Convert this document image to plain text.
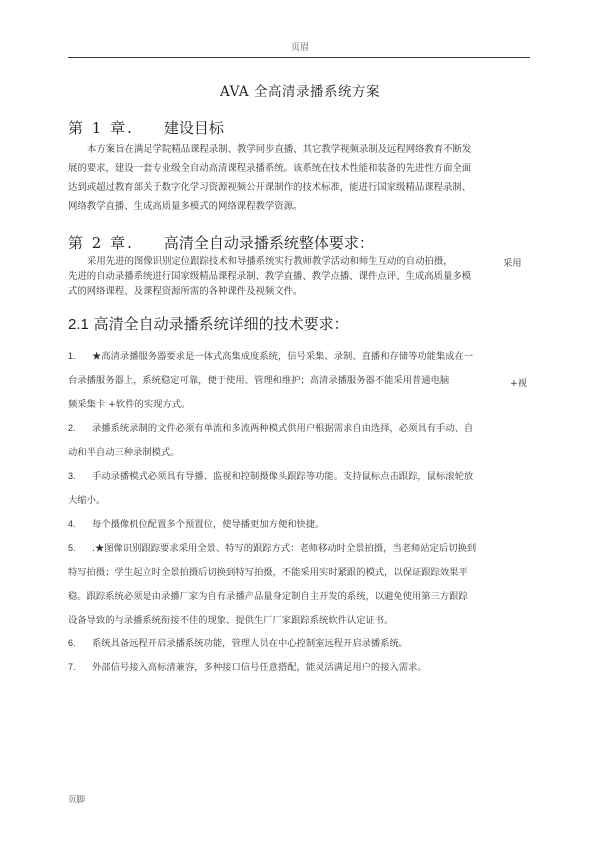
页眉
AVA 全高清录播系统方案
第 1 章. 建设目标
本方案旨在满足学院精品课程录制、教学同步直播、其它教学视频录制及远程网络教育不断发
展的要求，建设一套专业级全自动高清课程录播系统。该系统在技术性能和装备的先进性方面全面
达到或超过教育部关于数字化学习资源视频公开课制作的技术标准，能进行国家级精品课程录制、
网络教学直播、生成高质量多模式的网络课程教学资源。
第 2 章. 高清全自动录播系统整体要求：
采用先进的图像识别定位跟踪技术和导播系统实行教师教学活动和师生互动的自动拍摄，
先进的自动录播系统进行国家级精品课程录制、教学直播、教学点播、课件点评、生成高质量多模
式的网络课程、及课程资源所需的各种课件及视频文件。
采用
2.1 高清全自动录播系统详细的技术要求：
1. ★高清录播服务器要求是一体式高集成度系统，信号采集、录制、直播和存储等功能集成在一
台录播服务器上，系统稳定可靠，便于使用、管理和维护；高清录播服务器不能采用普通电脑
频采集卡 +软件的实现方式。
+视
2. 录播系统录制的文件必须有单流和多流两种模式供用户根据需求自由选择，必须具有手动、自
动和半自动三种录制模式。
3. 手动录播模式必须具有导播、监视和控制摄像头跟踪等功能。支持鼠标点击跟踪，鼠标滚轮放
大缩小。
4. 每个摄像机位配置多个预置位，使导播更加方便和快捷。
5. .★图像识别跟踪要求采用全景、特写的跟踪方式：老师移动时全景拍摄，当老师站定后切换到
特写拍摄；学生起立时全景拍摄后切换到特写拍摄，不能采用实时紧跟的模式，以保证跟踪效果平
稳。跟踪系统必须是由录播厂家为自有录播产品量身定制自主开发的系统，以避免使用第三方跟踪
设备导致的与录播系统衔接不佳的现象、提供生厂厂家跟踪系统软件认定证书。
6. 系统具备远程开启录播系统功能，管理人员在中心控制室远程开启录播系统。
7. 外部信号接入高标清兼容，多种接口信号任意搭配，能灵活满足用户的接入需求。
页脚
